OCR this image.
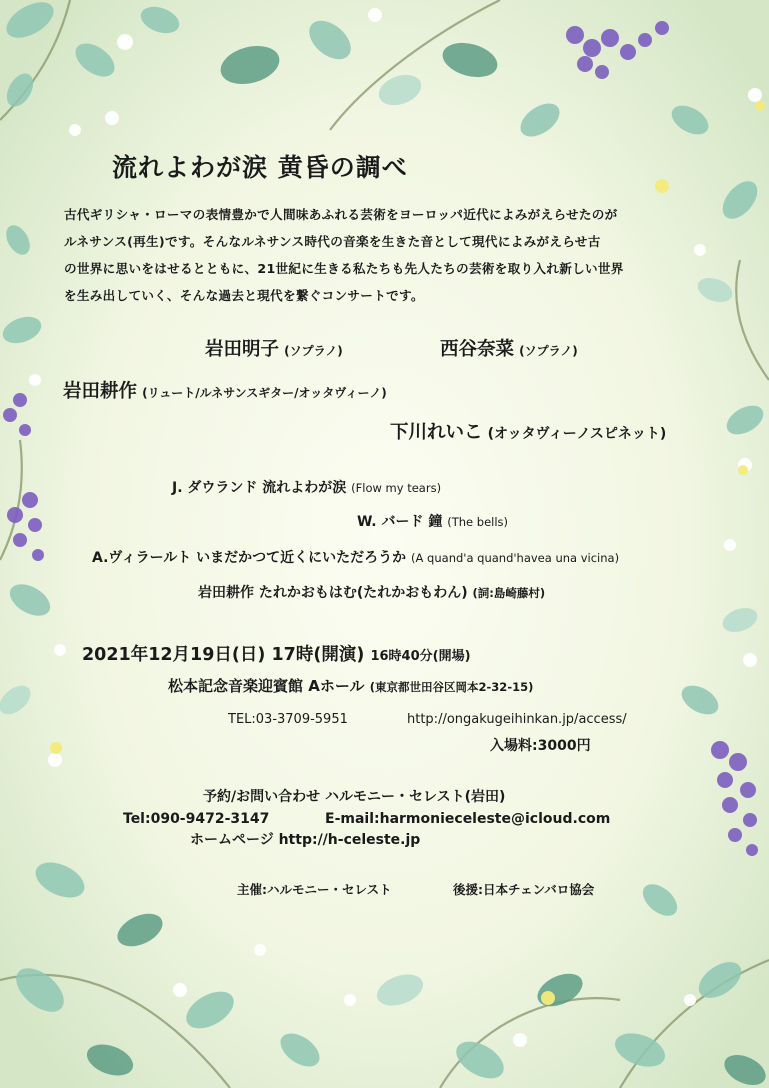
流れよわが涙 黄昏の調べ
古代ギリシャ・ローマの表情豊かで人間味あふれる芸術をヨーロッパ近代によみがえらせたのが
ルネサンス(再生)です。そんなルネサンス時代の音楽を生きた音として現代によみがえらせ古
の世界に思いをはせるとともに、21世紀に生きる私たちも先人たちの芸術を取り入れ新しい世界
を生み出していく、そんな過去と現代を繋ぐコンサートです。
岩田明子 (ソプラノ)	西谷奈菜 (ソプラノ)
岩田耕作 (リュート/ルネサンスギター/オッタヴィーノ)
下川れいこ (オッタヴィーノスピネット)
J. ダウランド 流れよわが涙 (Flow my tears)
W. バード 鐘 (The bells)
A.ヴィラールト いまだかつて近くにいただろうか (A quand'a quand'havea una vicina)
岩田耕作 たれかおもはむ(たれかおもわん) (詞:島崎藤村)
2021年12月19日(日) 17時(開演) 16時40分(開場)
松本記念音楽迎賓館 Aホール (東京都世田谷区岡本2-32-15)
TEL:03-3709-5951	http://ongakugeihinkan.jp/access/
入場料:3000円
予約/お問い合わせ ハルモニー・セレスト(岩田)
Tel:090-9472-3147	E-mail:harmonieceleste@icloud.com
ホームページ http://h-celeste.jp
主催:ハルモニー・セレスト	後援:日本チェンバロ協会
